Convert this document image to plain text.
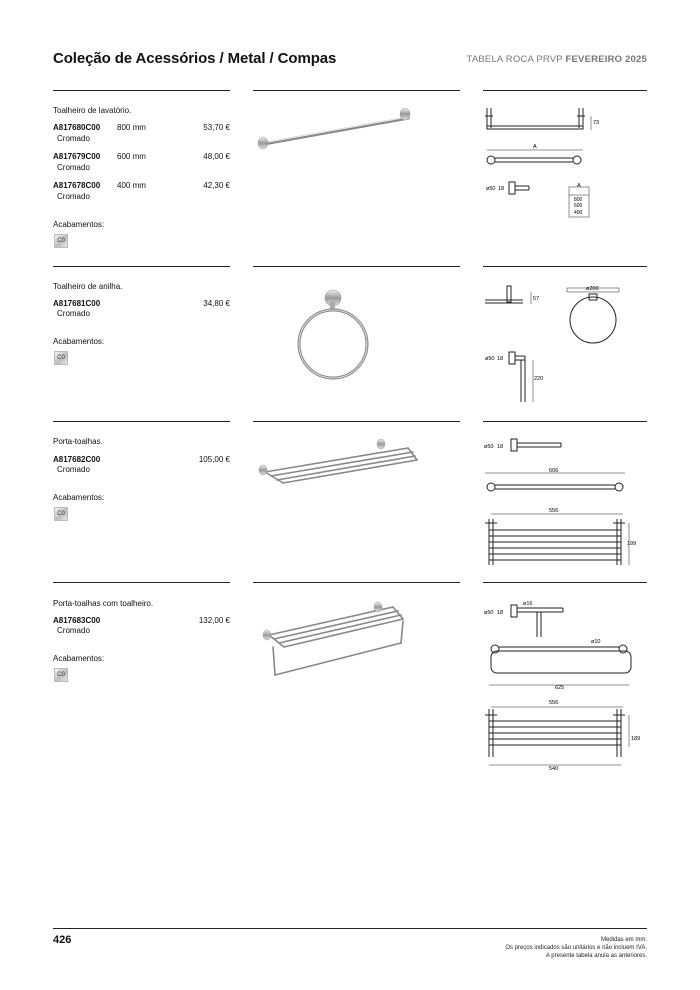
Coleção de Acessórios / Metal / Compas	TABELA ROCA PRVP FEVEREIRO 2025
Toalheiro de lavatório.
A817680C00 800 mm	53,70 €
Cromado
A817679C00 600 mm	48,00 €
Cromado
A817678C00 400 mm	42,30 €
Cromado
Acabamentos:
C0
73
A
ø50 18	A
800
600
400
Toalheiro de anilha.
A817681C00	34,80 €
Cromado
Acabamentos:
C0
57
ø200
ø50 18
220
Porta-toalhas.
A817682C00	105,00 €
Cromado
Acabamentos:
C0
ø50 18
606
556
199
Porta-toalhas com toalheiro.
A817683C00	132,00 €
Cromado
Acabamentos:
C0
ø50 18
ø16
ø10
625
556
540
189
426	Medidas em mm.
Os preços indicados são unitários e não incluem IVA.
A presente tabela anula as anteriores.
